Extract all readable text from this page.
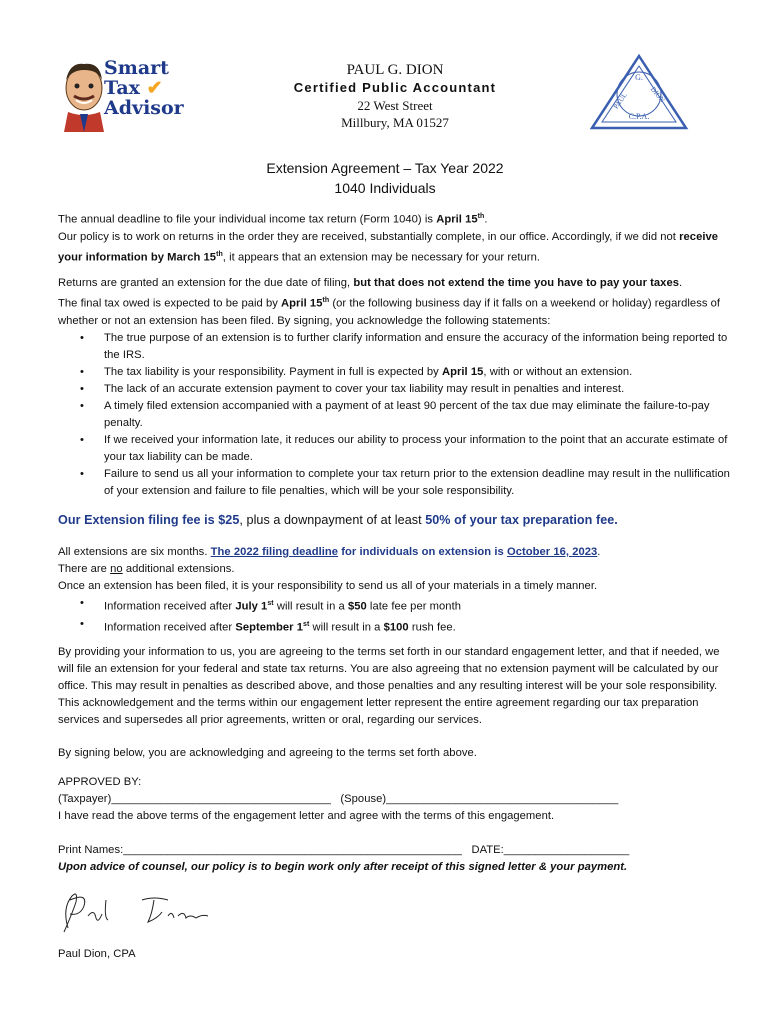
Smart
Tax ✔
Advisor
PAUL G. DION
Certified Public Accountant
22 West Street
Millbury, MA 01527
G.
PAUL	DION
C.P.A.
Extension Agreement – Tax Year 2022
1040 Individuals

The annual deadline to file your individual income tax return (Form 1040) is April 15th.

Our policy is to work on returns in the order they are received, substantially complete, in our office. Accordingly, if we did not receive your information by March 15th, it appears that an extension may be necessary for your return.

Returns are granted an extension for the due date of filing, but that does not extend the time you have to pay your taxes.

The final tax owed is expected to be paid by April 15th (or the following business day if it falls on a weekend or holiday) regardless of whether or not an extension has been filed. By signing, you acknowledge the following statements:

• The true purpose of an extension is to further clarify information and ensure the accuracy of the information being reported to the IRS.
• The tax liability is your responsibility. Payment in full is expected by April 15, with or without an extension.
• The lack of an accurate extension payment to cover your tax liability may result in penalties and interest.
• A timely filed extension accompanied with a payment of at least 90 percent of the tax due may eliminate the failure-to-pay penalty.
• If we received your information late, it reduces our ability to process your information to the point that an accurate estimate of your tax liability can be made.
• Failure to send us all your information to complete your tax return prior to the extension deadline may result in the nullification of your extension and failure to file penalties, which will be your sole responsibility.

Our Extension filing fee is $25, plus a downpayment of at least 50% of your tax preparation fee.

All extensions are six months. The 2022 filing deadline for individuals on extension is October 16, 2023.

There are no additional extensions.

Once an extension has been filed, it is your responsibility to send us all of your materials in a timely manner.

• Information received after July 1st will result in a $50 late fee per month
• Information received after September 1st will result in a $100 rush fee.
By providing your information to us, you are agreeing to the terms set forth in our standard engagement letter, and that if needed, we will file an extension for your federal and state tax returns. You are also agreeing that no extension payment will be calculated by our office. This may result in penalties as described above, and those penalties and any resulting interest will be your sole responsibility. This acknowledgement and the terms within our engagement letter represent the entire agreement regarding our tax preparation services and supersedes all prior agreements, written or oral, regarding our services.
By signing below, you are acknowledging and agreeing to the terms set forth above.

APPROVED BY:

(Taxpayer)___________________________________ (Spouse)_____________________________________

I have read the above terms of the engagement letter and agree with the terms of this engagement.

Print Names:______________________________________________________ DATE:____________________

Upon advice of counsel, our policy is to begin work only after receipt of this signed letter & your payment.

Paul Dion, CPA
